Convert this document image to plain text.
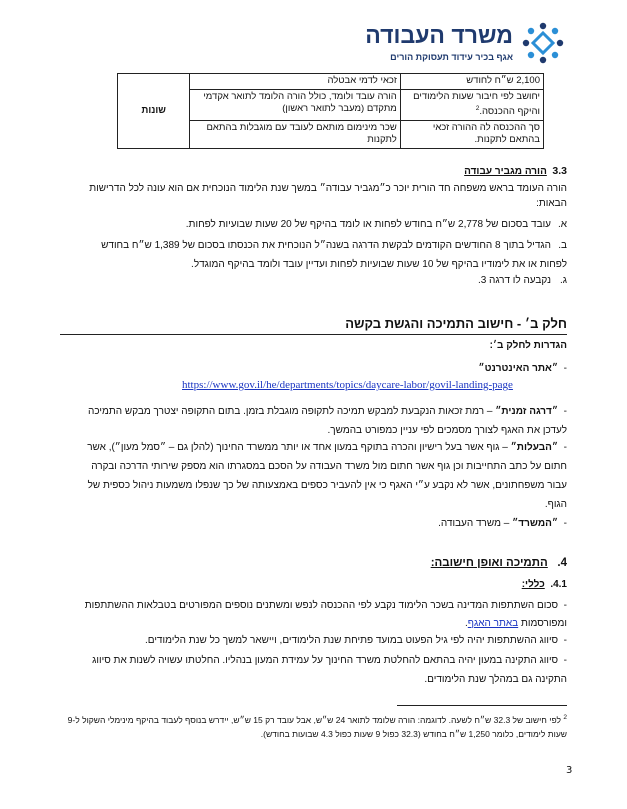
משרד העבודה
אגף בכיר עידוד תעסוקת הורים
2,100 ש״ח לחודש	זכאי לדמי אבטלה	שונות
יחושב לפי חיבור שעות הלימודים והיקף ההכנסה.$^2$	הורה עובד ולומד, כולל הורה הלומד לתואר אקדמי מתקדם (מעבר לתואר ראשון)	
סך ההכנסה לה ההורה זכאי בהתאם לתקנות.	שכר מינימום מותאם לעובד עם מוגבלות בהתאם לתקנות	
3.3  הורה מגביר עבודה
הורה העומד בראש משפחה חד הורית יוכר כ״מגביר עבודה״ במשך שנת הלימוד הנוכחית אם הוא עונה לכל הדרישות הבאות:
א.עובד בסכום של 2,778 ש״ח בחודש לפחות או לומד בהיקף של 20 שעות שבועיות לפחות.
ב.הגדיל בתוך 8 החודשים הקודמים לבקשת הדרגה בשנה״ל הנוכחית את הכנסתו בסכום של 1,389 ש״ח בחודש לפחות או את לימודיו בהיקף של 10 שעות שבועיות לפחות ועדיין עובד ולומד בהיקף המוגדל.
ג.נקבעה לו דרגה 3.
חלק ב׳ - חישוב התמיכה והגשת בקשה
הגדרות לחלק ב׳:
-  ״אתר האינטרנט״
https://www.gov.il/he/departments/topics/daycare-labor/govil-landing-page
-  ״דרגה זמנית״ – רמת זכאות הנקבעת למבקש תמיכה לתקופה מוגבלת בזמן. בתום התקופה יצטרך מבקש התמיכה לעדכן את האגף לצורך מסמכים לפי עניין כמפורט בהמשך.
-  ״הבעלות״ – גוף אשר בעל רישיון והכרה בתוקף במעון אחד או יותר ממשרד החינוך (להלן גם – ״סמל מעון״), אשר חתום על כתב התחייבות וכן גוף אשר חתום מול משרד העבודה על הסכם במסגרתו הוא מספק שירותי הדרכה ובקרה עבור משפחתונים, אשר לא נקבע ע״י האגף כי אין להעביר כספים באמצעותה של כך שנפלו משמעות ניהול כספית של הגוף.
-  ״המשרד״ – משרד העבודה.
4.   התמיכה ואופן חישובה:
4.1.  כללי:
-  סכום השתתפות המדינה בשכר הלימוד נקבע לפי ההכנסה לנפש ומשתנים נוספים המפורטים בטבלאות ההשתתפות ומפורסמות באתר האגף.
-  סיווג ההשתתפות יהיה לפי גיל הפעוט במועד פתיחת שנת הלימודים, ויישאר למשך כל שנת הלימודים.
-  סיווג התקינה במעון יהיה בהתאם להחלטת משרד החינוך על עמידת המעון בנהליו. החלטתו עשויה לשנות את סיווג התקינה גם במהלך שנת הלימודים.
$^2$ לפי חישוב של 32.3 ש״ח לשעה. לדוגמה: הורה שלומד לתואר 24 ש״ש, אבל עובד רק 15 ש״ש, יידרש בנוסף לעבוד בהיקף מינימלי השקול ל-9 שעות לימודים, כלומר 1,250 ש״ח בחודש (32.3 כפול 9 שעות כפול 4.3 שבועות בחודש).
3
